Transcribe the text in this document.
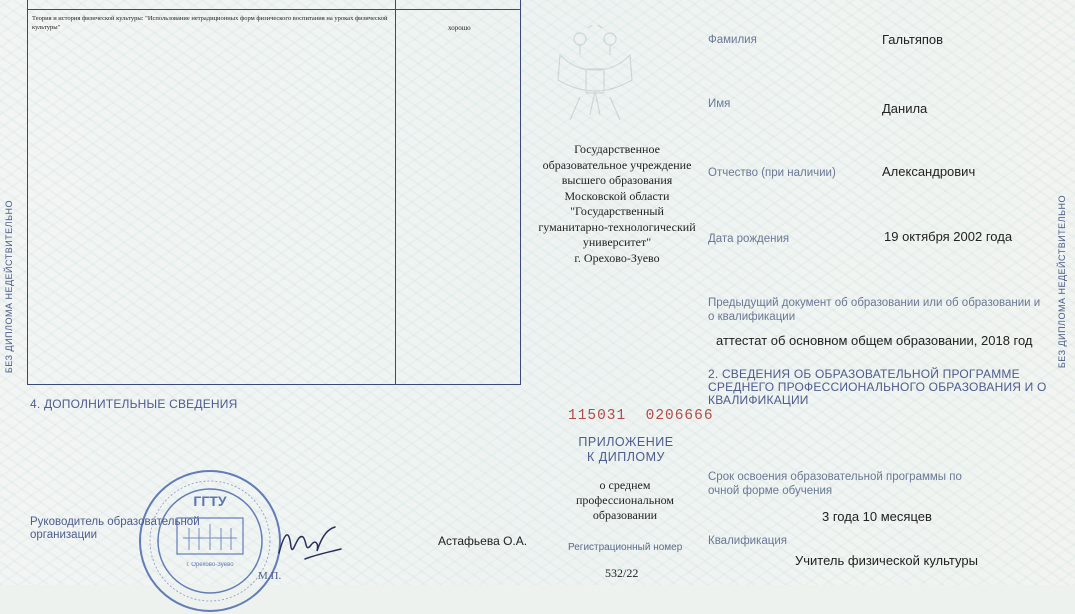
Теория и история физической культуры: "Использование нетрадиционных форм физического воспитания на уроках физической культуры"	хорошо
БЕЗ ДИПЛОМА НЕДЕЙСТВИТЕЛЬНО
4. ДОПОЛНИТЕЛЬНЫЕ СВЕДЕНИЯ
Руководитель образовательной
организации
ГГТУ
г. Орехово-Зуево
М.П.
Астафьева О.А.
Государственное
образовательное учреждение
высшего образования
Московской области
"Государственный
гуманитарно-технологический
университет"
г. Орехово-Зуево
115031  0206666
ПРИЛОЖЕНИЕ
К ДИПЛОМУ
о среднем
профессиональном
образовании
Регистрационный номер
532/22
Фамилия	Гальтяпов
Имя	Данила
Отчество (при наличии)	Александрович
Дата рождения	19 октября 2002 года
Предыдущий документ об образовании или об образовании и о квалификации
аттестат об основном общем образовании, 2018 год
2. СВЕДЕНИЯ ОБ ОБРАЗОВАТЕЛЬНОЙ ПРОГРАММЕ СРЕДНЕГО ПРОФЕССИОНАЛЬНОГО ОБРАЗОВАНИЯ И О КВАЛИФИКАЦИИ
Срок освоения образовательной программы по очной форме обучения
3 года 10 месяцев
Квалификация
Учитель физической культуры
БЕЗ ДИПЛОМА НЕДЕЙСТВИТЕЛЬНО
